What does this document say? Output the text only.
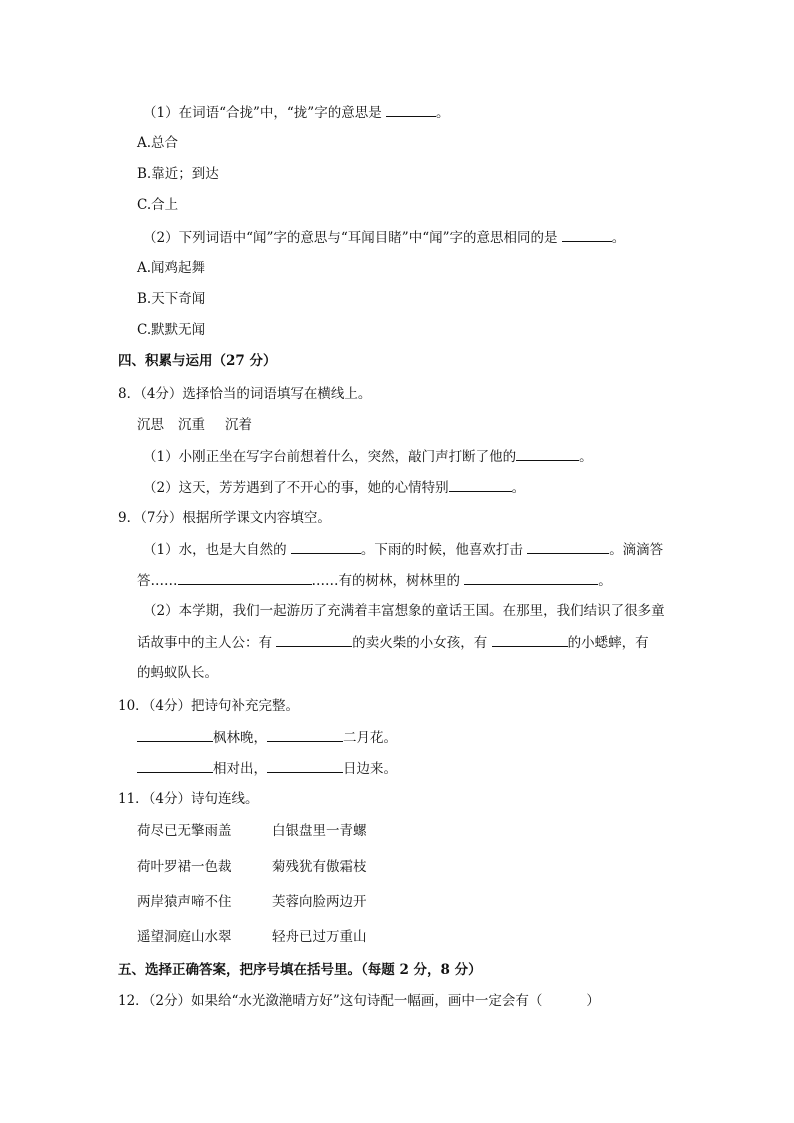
（1）在词语“合拢”中，“拢”字的意思是	。
A.总合
B.靠近；到达
C.合上
（2）下列词语中“闻”字的意思与“耳闻目睹”中“闻”字的意思相同的是	。
A.闻鸡起舞
B.天下奇闻
C.默默无闻
四、积累与运用（27 分）
8．（4分）选择恰当的词语填写在横线上。
沉思 沉重 沉着
（1）小刚正坐在写字台前想着什么，突然，敲门声打断了他的	。
（2）这天，芳芳遇到了不开心的事，她的心情特别	。
9．（7分）根据所学课文内容填空。
（1）水，也是大自然的	。下雨的时候，他喜欢打击	。滴滴答
答……	……有的树林，树林里的	。
（2）本学期，我们一起游历了充满着丰富想象的童话王国。在那里，我们结识了很多童
话故事中的主人公：有	的卖火柴的小女孩，有	的小蟋蟀，有
的蚂蚁队长。
10．（4分）把诗句补充完整。
枫林晚，	二月花。
相对出，	日边来。
11．（4分）诗句连线。
荷尽已无擎雨盖	白银盘里一青螺
荷叶罗裙一色裁	菊残犹有傲霜枝
两岸猿声啼不住	芙蓉向脸两边开
遥望洞庭山水翠	轻舟已过万重山
五、选择正确答案，把序号填在括号里。（每题 2 分，8 分）
12．（2分）如果给“水光潋滟晴方好”这句诗配一幅画，画中一定会有（	）
